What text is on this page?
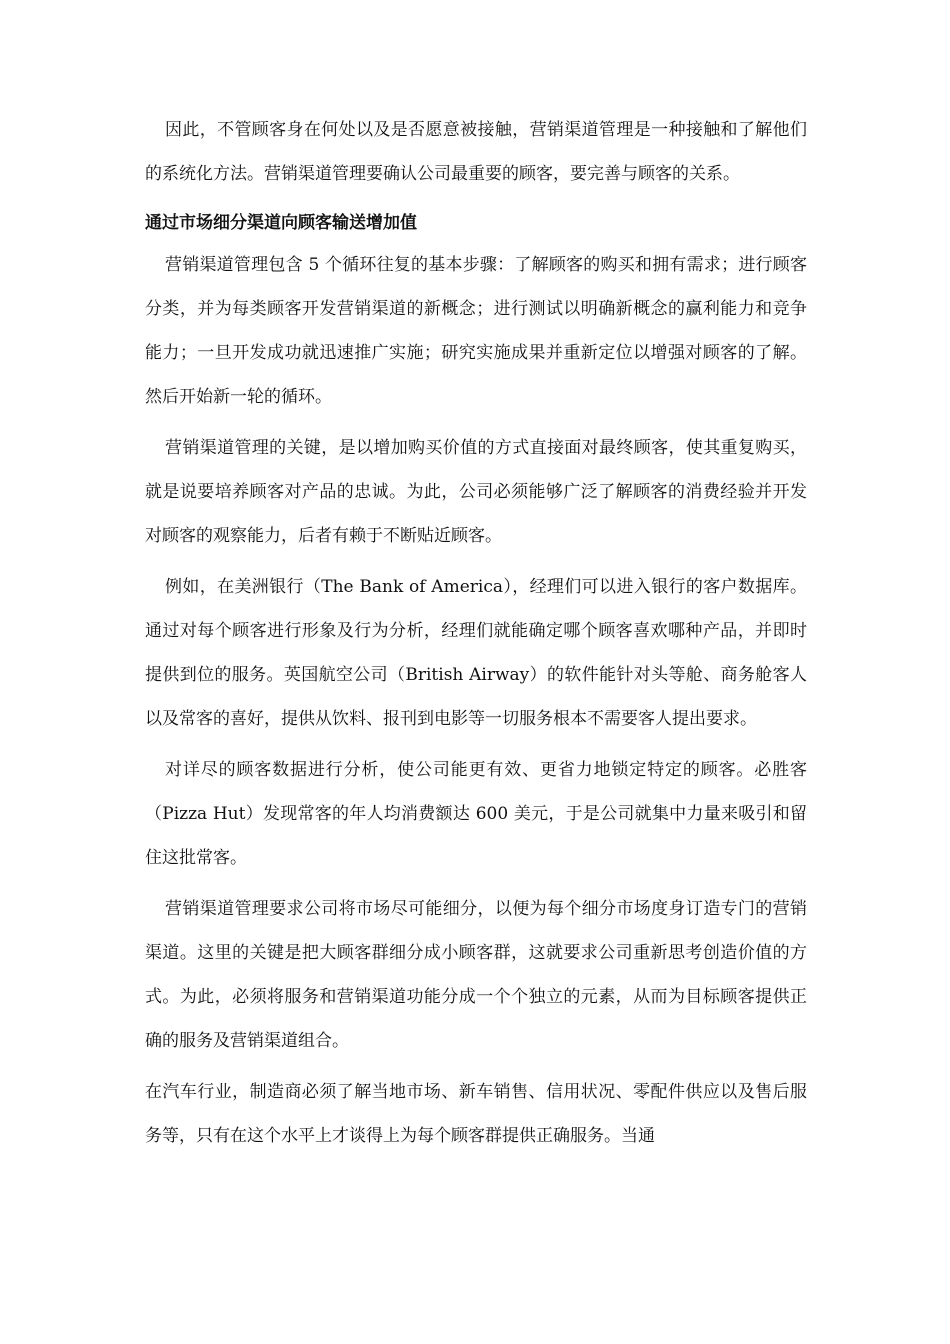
因此，不管顾客身在何处以及是否愿意被接触，营销渠道管理是一种接触和了解他们的系统化方法。营销渠道管理要确认公司最重要的顾客，要完善与顾客的关系。

通过市场细分渠道向顾客输送增加值

营销渠道管理包含 5 个循环往复的基本步骤：了解顾客的购买和拥有需求；进行顾客分类，并为每类顾客开发营销渠道的新概念；进行测试以明确新概念的赢利能力和竞争能力；一旦开发成功就迅速推广实施；研究实施成果并重新定位以增强对顾客的了解。然后开始新一轮的循环。

营销渠道管理的关键，是以增加购买价值的方式直接面对最终顾客，使其重复购买，就是说要培养顾客对产品的忠诚。为此，公司必须能够广泛了解顾客的消费经验并开发对顾客的观察能力，后者有赖于不断贴近顾客。

例如，在美洲银行（The Bank of America），经理们可以进入银行的客户数据库。通过对每个顾客进行形象及行为分析，经理们就能确定哪个顾客喜欢哪种产品，并即时提供到位的服务。英国航空公司（British Airway）的软件能针对头等舱、商务舱客人以及常客的喜好，提供从饮料、报刊到电影等一切服务根本不需要客人提出要求。

对详尽的顾客数据进行分析，使公司能更有效、更省力地锁定特定的顾客。必胜客（Pizza Hut）发现常客的年人均消费额达 600 美元，于是公司就集中力量来吸引和留住这批常客。

营销渠道管理要求公司将市场尽可能细分，以便为每个细分市场度身订造专门的营销渠道。这里的关键是把大顾客群细分成小顾客群，这就要求公司重新思考创造价值的方式。为此，必须将服务和营销渠道功能分成一个个独立的元素，从而为目标顾客提供正确的服务及营销渠道组合。

在汽车行业，制造商必须了解当地市场、新车销售、信用状况、零配件供应以及售后服务等，只有在这个水平上才谈得上为每个顾客群提供正确服务。当通
